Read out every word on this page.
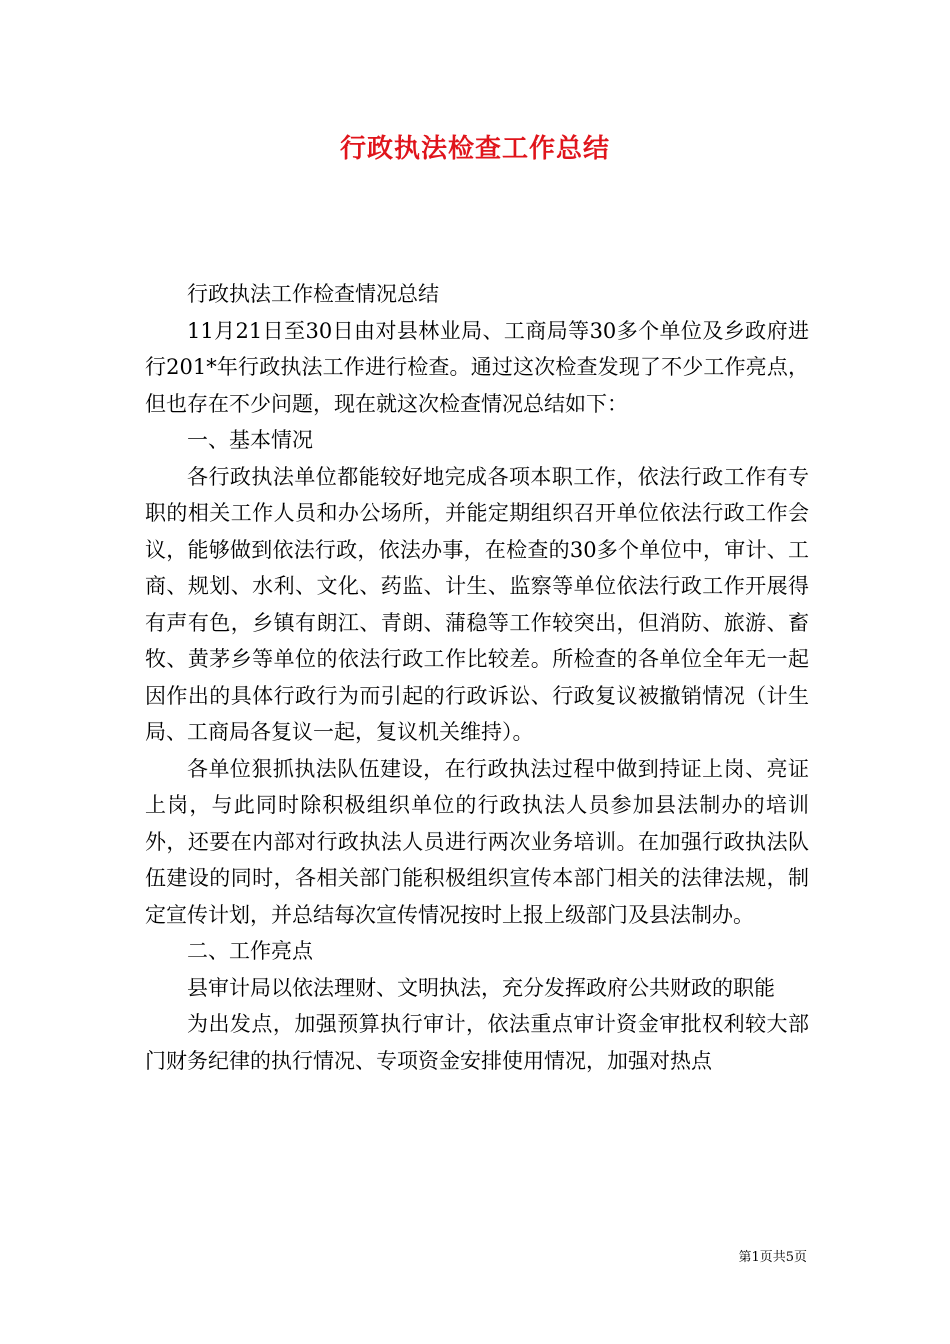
行政执法检查工作总结

行政执法工作检查情况总结

11月21日至30日由对县林业局、工商局等30多个单位及乡政府进行201*年行政执法工作进行检查。通过这次检查发现了不少工作亮点，但也存在不少问题，现在就这次检查情况总结如下：

一、基本情况

各行政执法单位都能较好地完成各项本职工作，依法行政工作有专职的相关工作人员和办公场所，并能定期组织召开单位依法行政工作会议，能够做到依法行政，依法办事，在检查的30多个单位中，审计、工商、规划、水利、文化、药监、计生、监察等单位依法行政工作开展得有声有色，乡镇有朗江、青朗、蒲稳等工作较突出，但消防、旅游、畜牧、黄茅乡等单位的依法行政工作比较差。所检查的各单位全年无一起因作出的具体行政行为而引起的行政诉讼、行政复议被撤销情况（计生局、工商局各复议一起，复议机关维持）。

各单位狠抓执法队伍建设，在行政执法过程中做到持证上岗、亮证上岗，与此同时除积极组织单位的行政执法人员参加县法制办的培训外，还要在内部对行政执法人员进行两次业务培训。在加强行政执法队伍建设的同时，各相关部门能积极组织宣传本部门相关的法律法规，制定宣传计划，并总结每次宣传情况按时上报上级部门及县法制办。

二、工作亮点

县审计局以依法理财、文明执法，充分发挥政府公共财政的职能

为出发点，加强预算执行审计，依法重点审计资金审批权利较大部门财务纪律的执行情况、专项资金安排使用情况，加强对热点

第1页共5页
